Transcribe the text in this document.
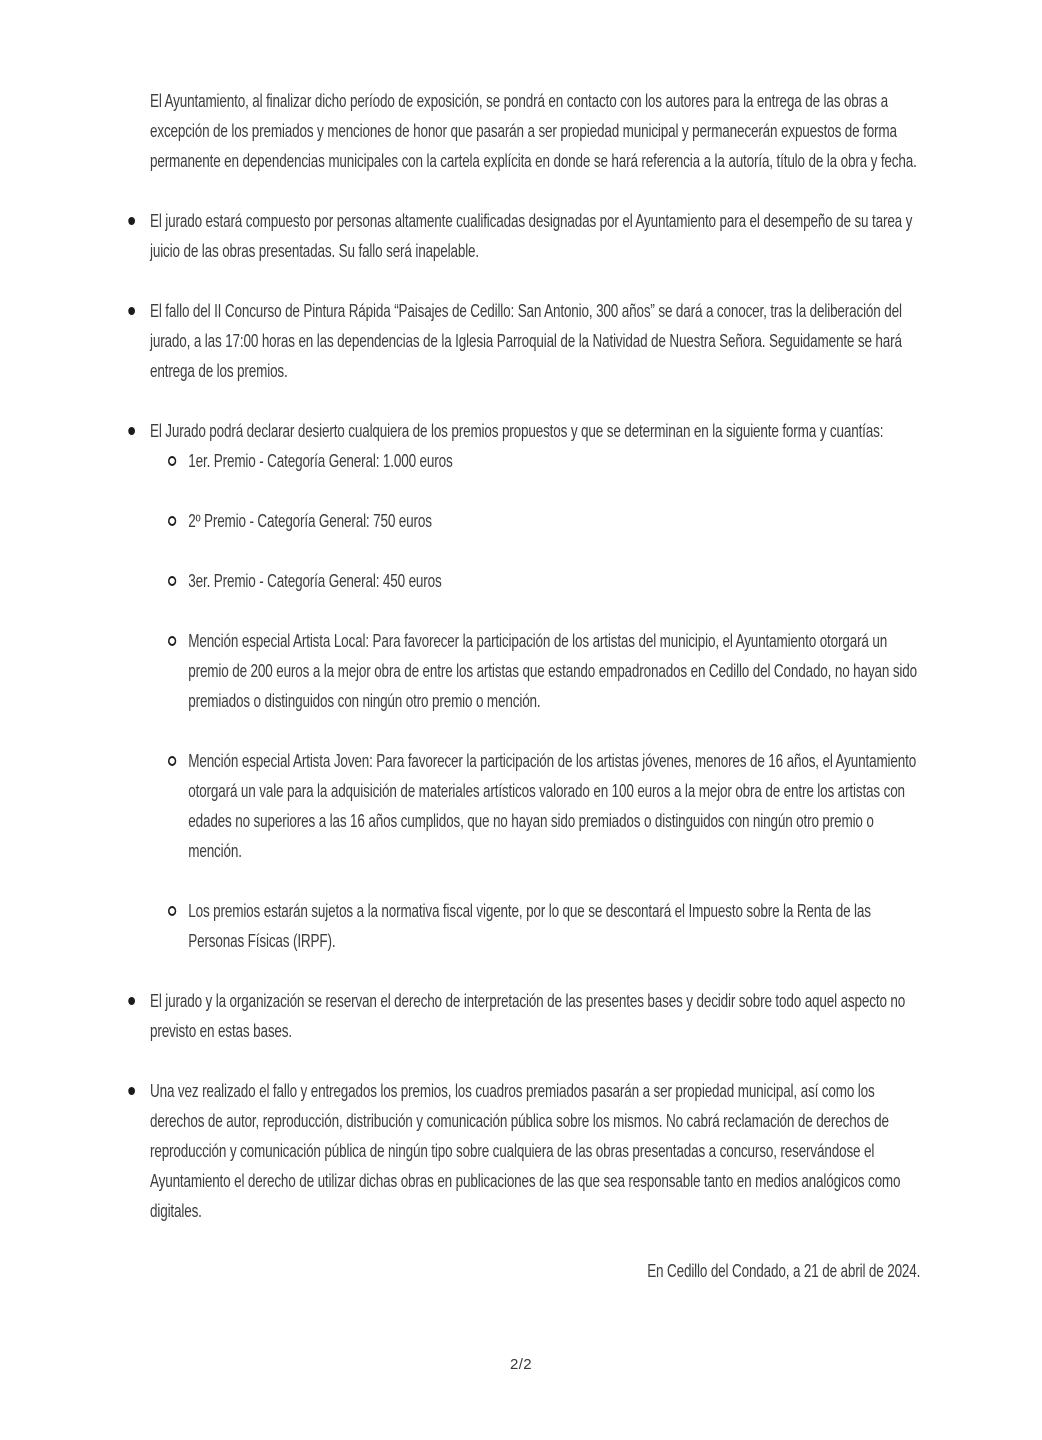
El Ayuntamiento, al finalizar dicho período de exposición, se pondrá en contacto con los autores para la entrega de las obras a excepción de los premiados y menciones de honor que pasarán a ser propiedad municipal y permanecerán expuestos de forma permanente en dependencias municipales con la cartela explícita en donde se hará referencia a la autoría, título de la obra y fecha.

El jurado estará compuesto por personas altamente cualificadas designadas por el Ayuntamiento para el desempeño de su tarea y juicio de las obras presentadas. Su fallo será inapelable.
El fallo del II Concurso de Pintura Rápida “Paisajes de Cedillo: San Antonio, 300 años” se dará a conocer, tras la deliberación del jurado, a las 17:00 horas en las dependencias de la Iglesia Parroquial de la Natividad de Nuestra Señora. Seguidamente se hará entrega de los premios.
El Jurado podrá declarar desierto cualquiera de los premios propuestos y que se determinan en la siguiente forma y cuantías:
1er. Premio - Categoría General: 1.000 euros
2º Premio - Categoría General: 750 euros
3er. Premio - Categoría General: 450 euros
Mención especial Artista Local: Para favorecer la participación de los artistas del municipio, el Ayuntamiento otorgará un premio de 200 euros a la mejor obra de entre los artistas que estando empadronados en Cedillo del Condado, no hayan sido premiados o distinguidos con ningún otro premio o mención.
Mención especial Artista Joven: Para favorecer la participación de los artistas jóvenes, menores de 16 años, el Ayuntamiento otorgará un vale para la adquisición de materiales artísticos valorado en 100 euros a la mejor obra de entre los artistas con edades no superiores a las 16 años cumplidos, que no hayan sido premiados o distinguidos con ningún otro premio o mención.
Los premios estarán sujetos a la normativa fiscal vigente, por lo que se descontará el Impuesto sobre la Renta de las Personas Físicas (IRPF).
El jurado y la organización se reservan el derecho de interpretación de las presentes bases y decidir sobre todo aquel aspecto no previsto en estas bases.
Una vez realizado el fallo y entregados los premios, los cuadros premiados pasarán a ser propiedad municipal, así como los derechos de autor, reproducción, distribución y comunicación pública sobre los mismos. No cabrá reclamación de derechos de reproducción y comunicación pública de ningún tipo sobre cualquiera de las obras presentadas a concurso, reservándose el Ayuntamiento el derecho de utilizar dichas obras en publicaciones de las que sea responsable tanto en medios analógicos como digitales.

En Cedillo del Condado, a 21 de abril de 2024.

2/2
